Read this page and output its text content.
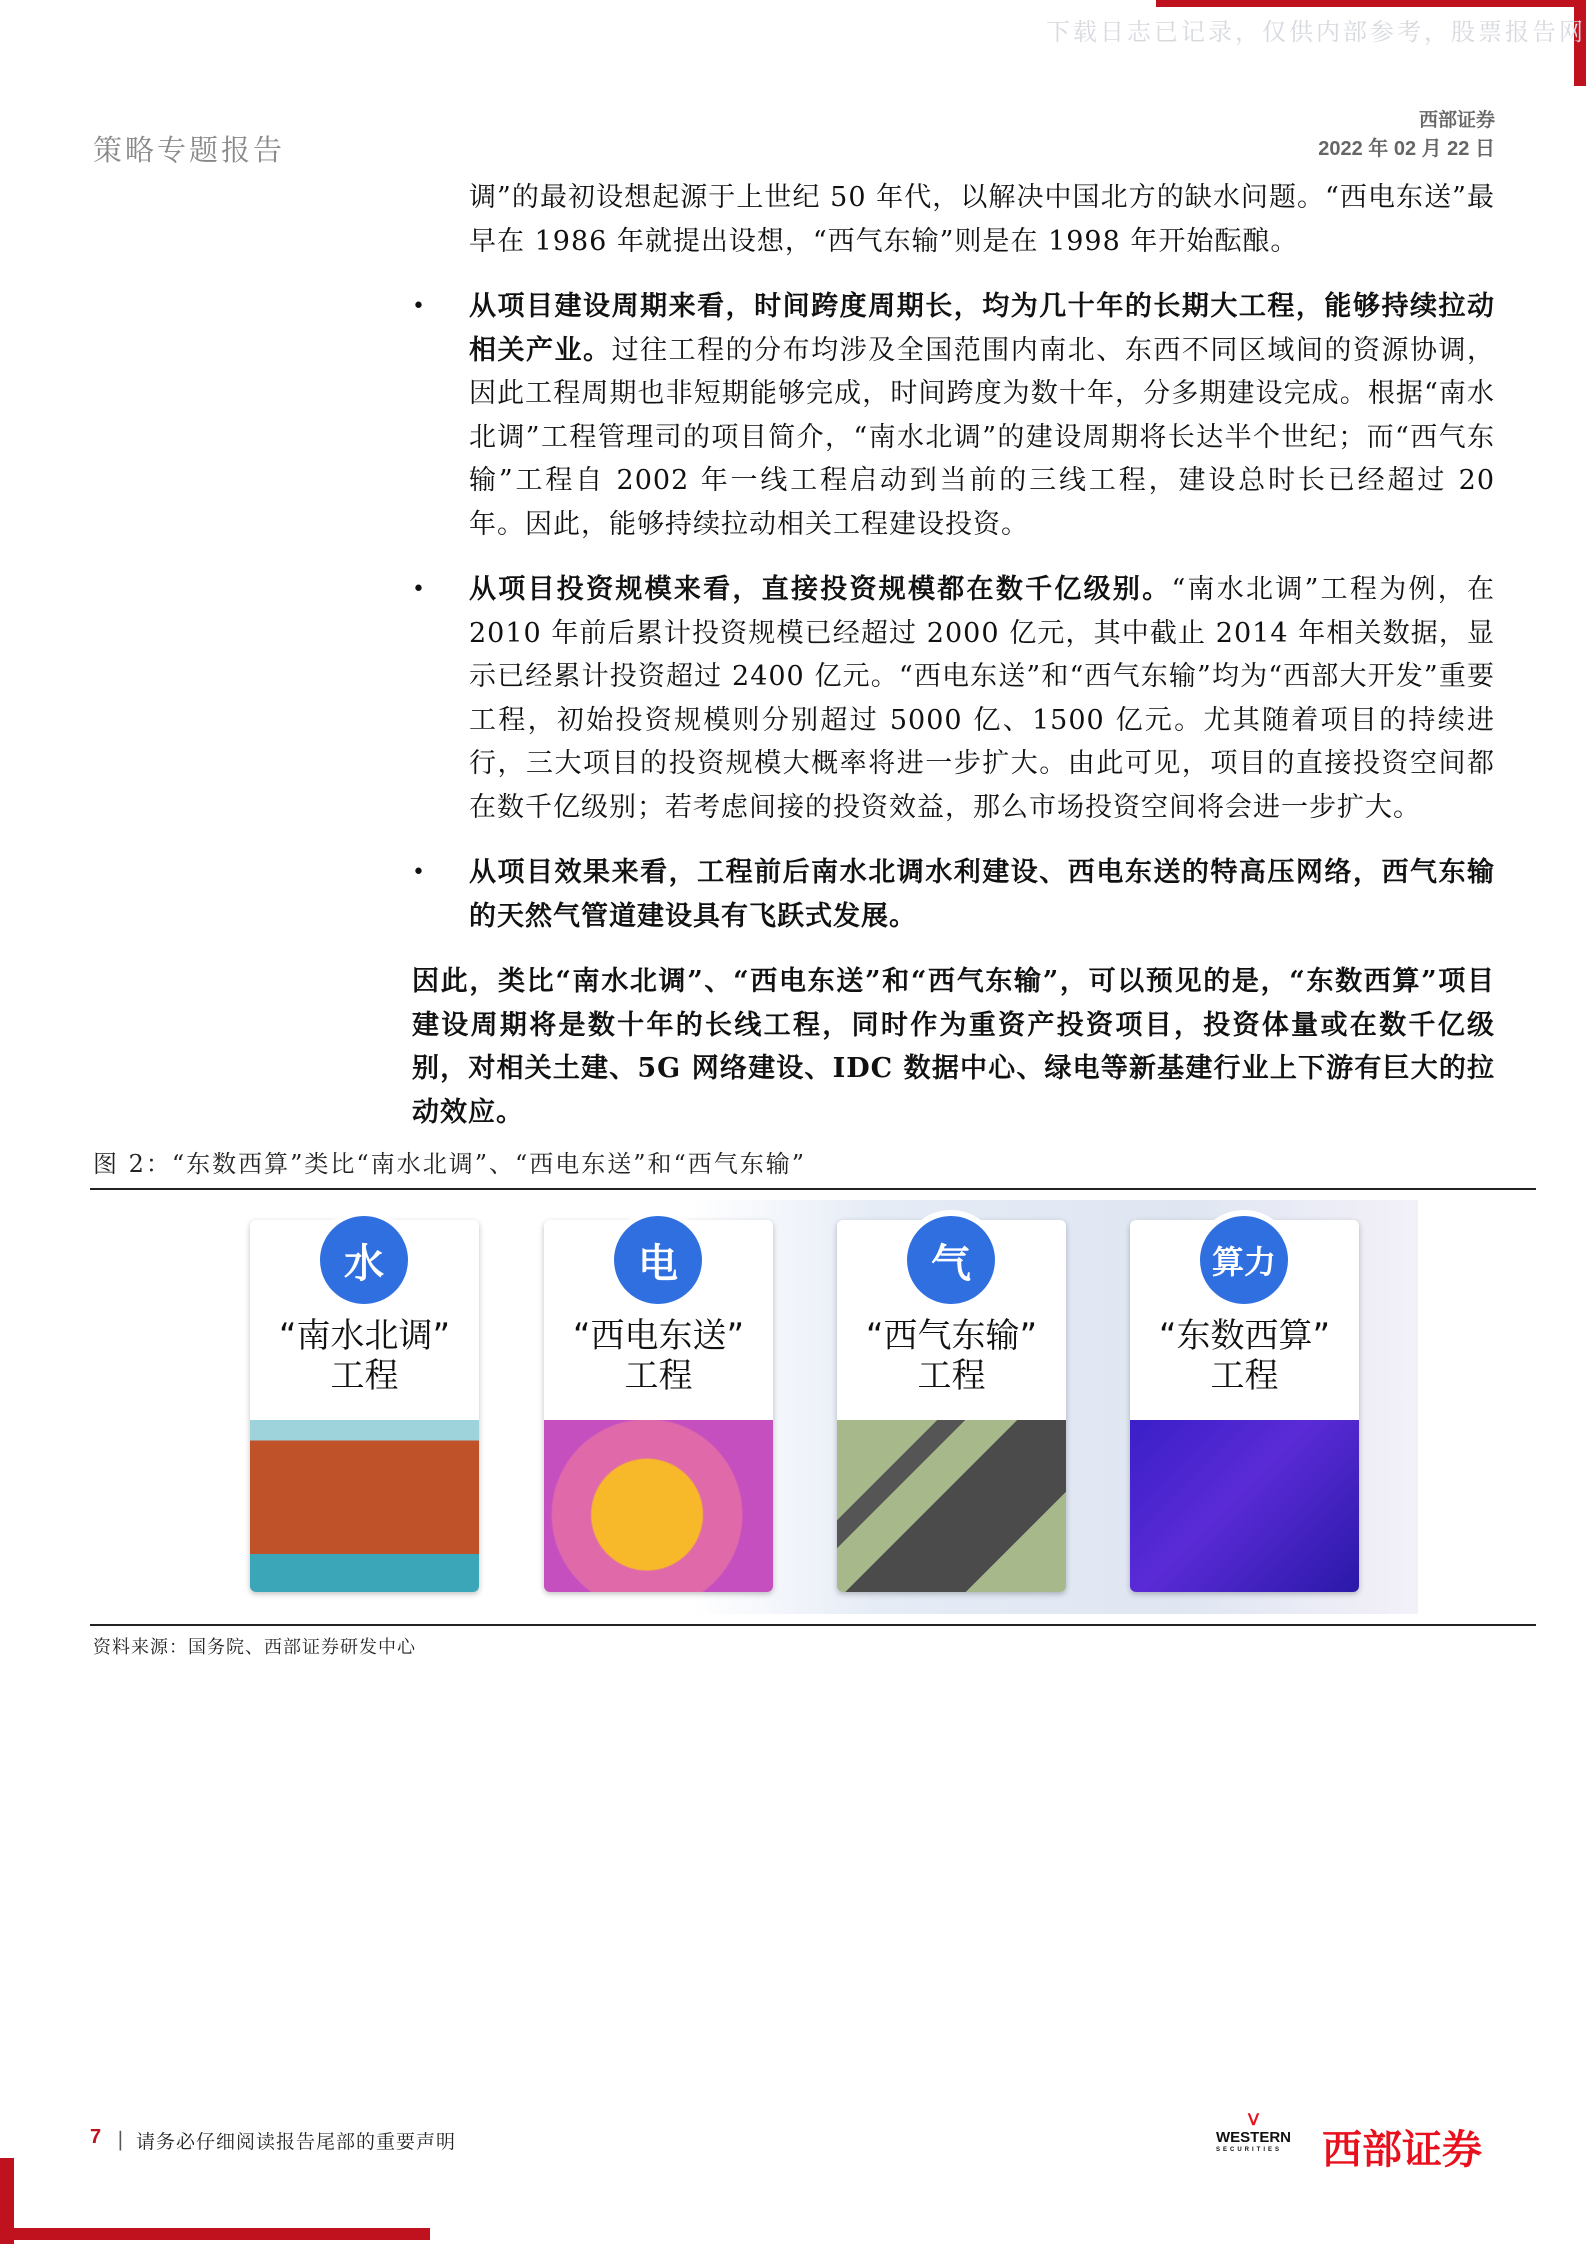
下载日志已记录，仅供内部参考，股票报告网
策略专题报告
西部证券
2022 年 02 月 22 日
调”的最初设想起源于上世纪 50 年代，以解决中国北方的缺水问题。“西电东送”最早在 1986 年就提出设想，“西气东输”则是在 1998 年开始酝酿。
• 从项目建设周期来看，时间跨度周期长，均为几十年的长期大工程，能够持续拉动相关产业。过往工程的分布均涉及全国范围内南北、东西不同区域间的资源协调，因此工程周期也非短期能够完成，时间跨度为数十年，分多期建设完成。根据“南水北调”工程管理司的项目简介，“南水北调”的建设周期将长达半个世纪；而“西气东输”工程自 2002 年一线工程启动到当前的三线工程，建设总时长已经超过 20 年。因此，能够持续拉动相关工程建设投资。
• 从项目投资规模来看，直接投资规模都在数千亿级别。“南水北调”工程为例，在 2010 年前后累计投资规模已经超过 2000 亿元，其中截止 2014 年相关数据，显示已经累计投资超过 2400 亿元。“西电东送”和“西气东输”均为“西部大开发”重要工程，初始投资规模则分别超过 5000 亿、1500 亿元。尤其随着项目的持续进行，三大项目的投资规模大概率将进一步扩大。由此可见，项目的直接投资空间都在数千亿级别；若考虑间接的投资效益，那么市场投资空间将会进一步扩大。
• 从项目效果来看，工程前后南水北调水利建设、西电东送的特高压网络，西气东输的天然气管道建设具有飞跃式发展。
因此，类比“南水北调”、“西电东送”和“西气东输”，可以预见的是，“东数西算”项目建设周期将是数十年的长线工程，同时作为重资产投资项目，投资体量或在数千亿级别，对相关土建、5G 网络建设、IDC 数据中心、绿电等新基建行业上下游有巨大的拉动效应。
图 2：“东数西算”类比“南水北调”、“西电东送”和“西气东输”
水
“南水北调”
工程
电
“西电东送”
工程
气
“西气东输”
工程
算力
“东数西算”
工程
资料来源：国务院、西部证券研发中心
7 | 请务必仔细阅读报告尾部的重要声明
ᐯ
WESTERN
SECURITIES 西部证券
